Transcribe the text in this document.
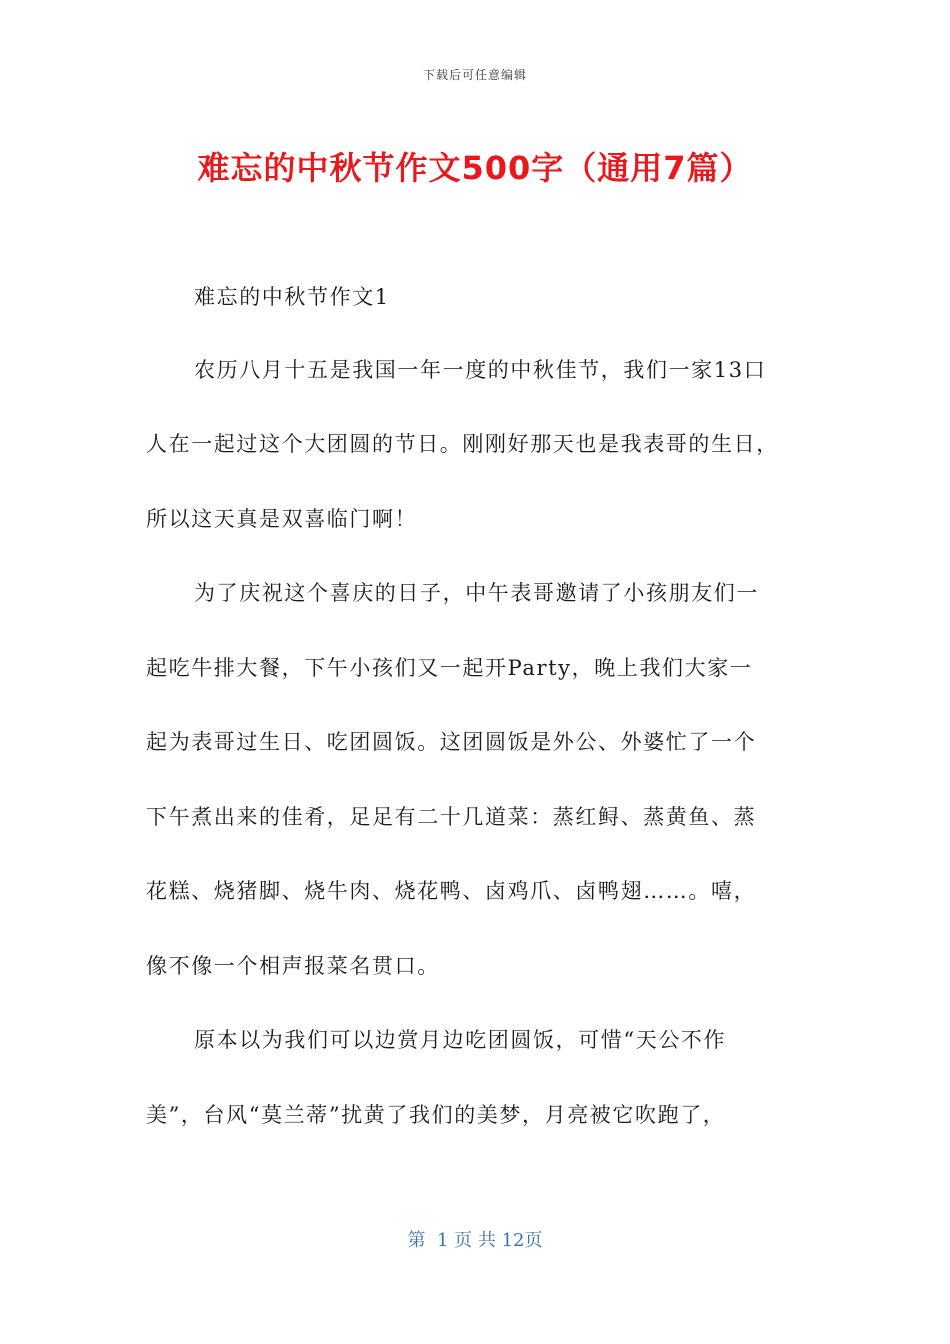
下载后可任意编辑
难忘的中秋节作文500字（通用7篇）

难忘的中秋节作文1

农历八月十五是我国一年一度的中秋佳节，我们一家13口

人在一起过这个大团圆的节日。刚刚好那天也是我表哥的生日，

所以这天真是双喜临门啊！

为了庆祝这个喜庆的日子，中午表哥邀请了小孩朋友们一

起吃牛排大餐，下午小孩们又一起开Party，晚上我们大家一

起为表哥过生日、吃团圆饭。这团圆饭是外公、外婆忙了一个

下午煮出来的佳肴，足足有二十几道菜：蒸红鲟、蒸黄鱼、蒸

花糕、烧猪脚、烧牛肉、烧花鸭、卤鸡爪、卤鸭翅……。嘻，

像不像一个相声报菜名贯口。

原本以为我们可以边赏月边吃团圆饭，可惜“天公不作

美”，台风“莫兰蒂”扰黄了我们的美梦，月亮被它吹跑了，

第  1 页 共 12页
